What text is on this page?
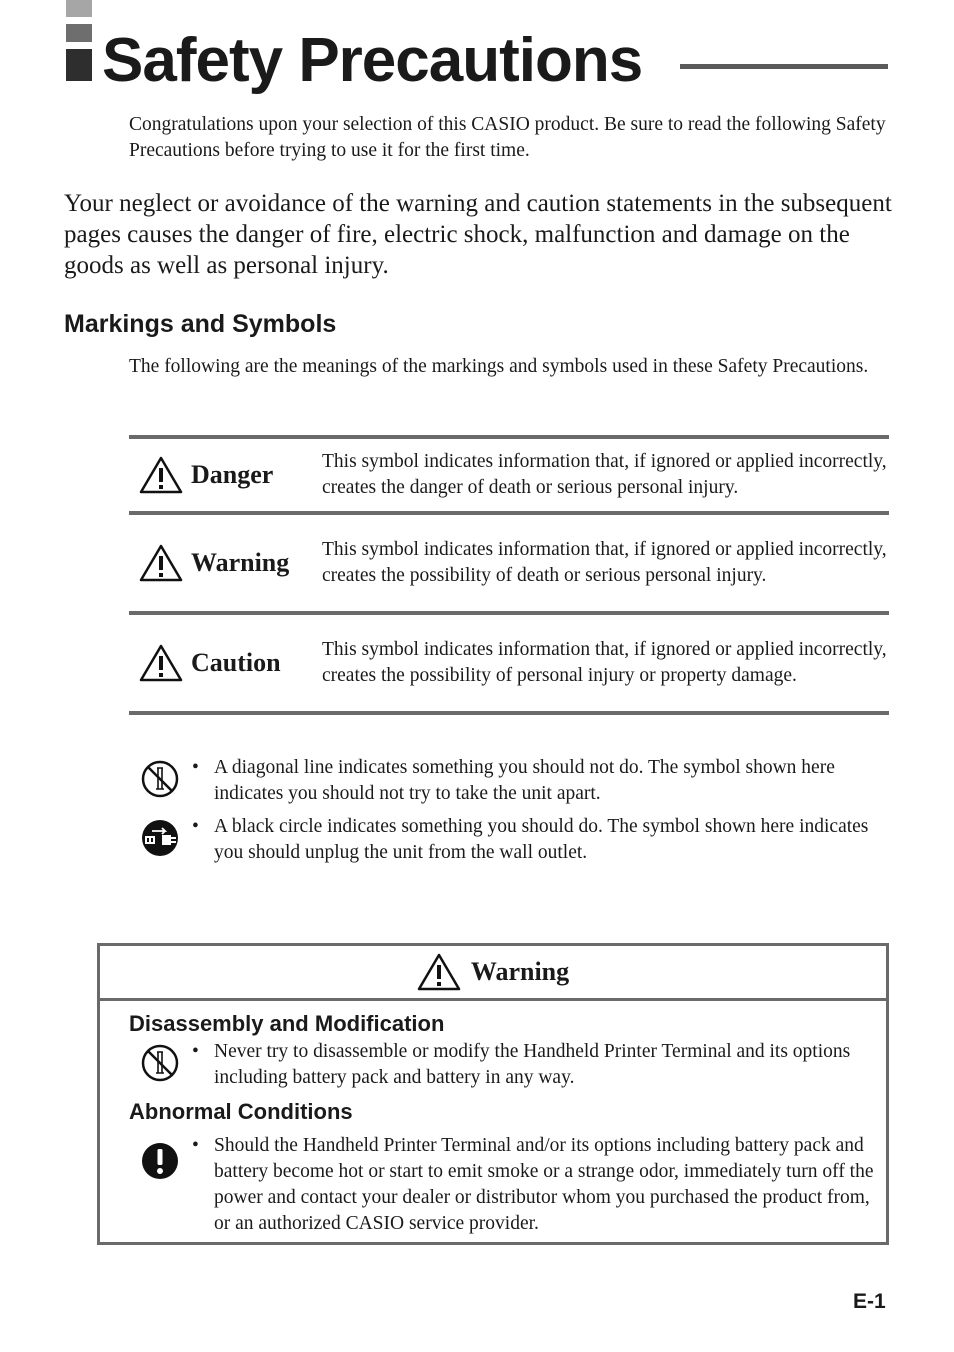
Safety Precautions

Congratulations upon your selection of this CASIO product. Be sure to read the following Safety Precautions before trying to use it for the first time.

Your neglect or avoidance of the warning and caution statements in the subsequent pages causes the danger of fire, electric shock, malfunction and damage on the goods as well as personal injury.

Markings and Symbols

The following are the meanings of the markings and symbols used in these Safety Precautions.

Danger This symbol indicates information that, if ignored or applied incorrectly, creates the danger of death or serious personal injury.
Warning This symbol indicates information that, if ignored or applied incorrectly, creates the possibility of death or serious personal injury.
Caution This symbol indicates information that, if ignored or applied incorrectly, creates the possibility of personal injury or property damage.
• A diagonal line indicates something you should not do. The symbol shown here indicates you should not try to take the unit apart.
• A black circle indicates something you should do. The symbol shown here indicates you should unplug the unit from the wall outlet.
Warning
Disassembly and Modification
• Never try to disassemble or modify the Handheld Printer Terminal and its options including battery pack and battery in any way.
Abnormal Conditions
• Should the Handheld Printer Terminal and/or its options including battery pack and battery become hot or start to emit smoke or a strange odor, immediately turn off the power and contact your dealer or distributor whom you purchased the product from, or an authorized CASIO service provider.
E-1
